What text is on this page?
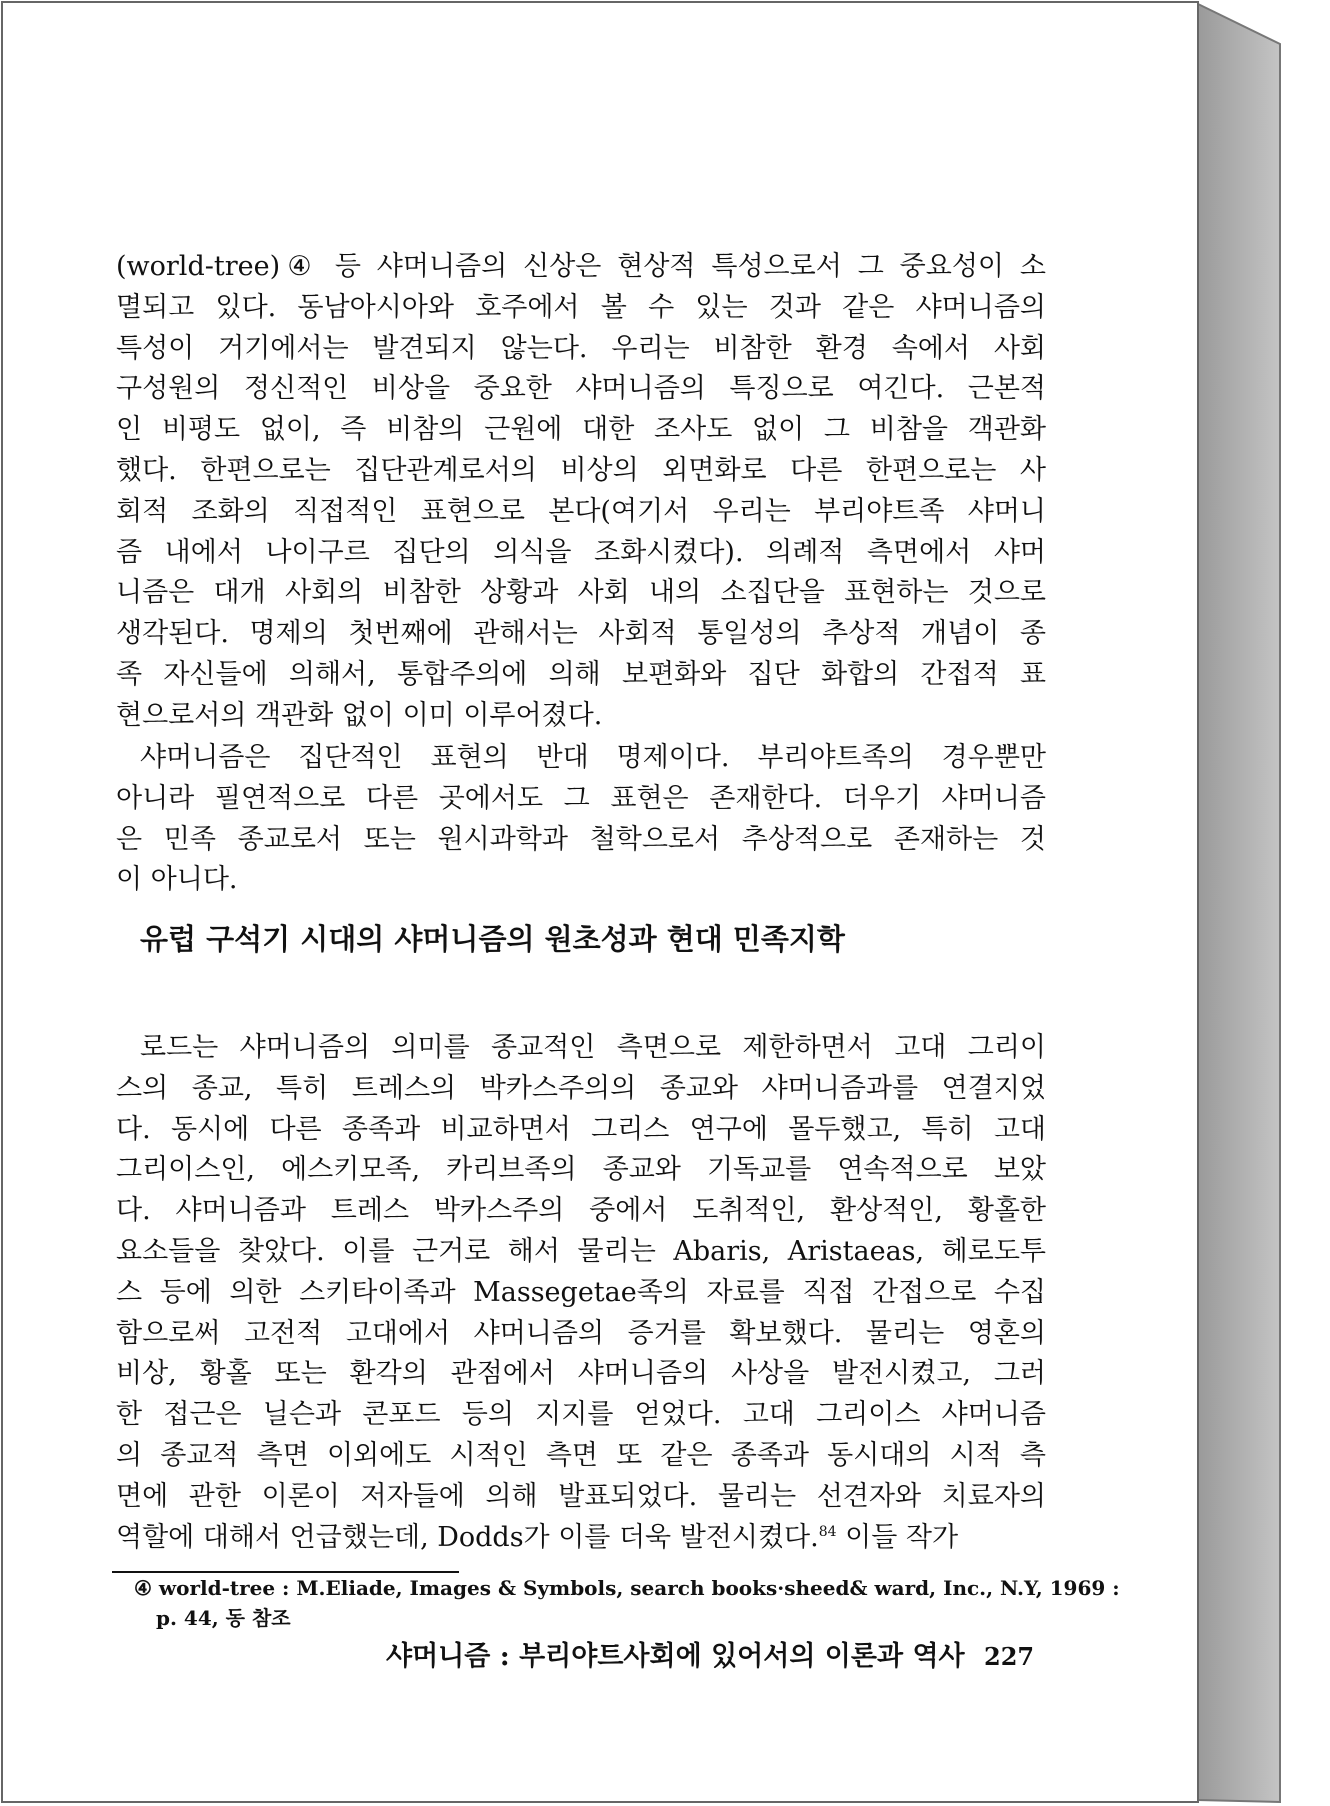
(world-tree)④ 등 샤머니즘의 신상은 현상적 특성으로서 그 중요성이 소
멸되고 있다. 동남아시아와 호주에서 볼 수 있는 것과 같은 샤머니즘의
특성이 거기에서는 발견되지 않는다. 우리는 비참한 환경 속에서 사회
구성원의 정신적인 비상을 중요한 샤머니즘의 특징으로 여긴다. 근본적
인 비평도 없이, 즉 비참의 근원에 대한 조사도 없이 그 비참을 객관화
했다. 한편으로는 집단관계로서의 비상의 외면화로 다른 한편으로는 사
회적 조화의 직접적인 표현으로 본다(여기서 우리는 부리야트족 샤머니
즘 내에서 나이구르 집단의 의식을 조화시켰다). 의례적 측면에서 샤머
니즘은 대개 사회의 비참한 상황과 사회 내의 소집단을 표현하는 것으로
생각된다. 명제의 첫번째에 관해서는 사회적 통일성의 추상적 개념이 종
족 자신들에 의해서, 통합주의에 의해 보편화와 집단 화합의 간접적 표
현으로서의 객관화 없이 이미 이루어졌다.
샤머니즘은 집단적인 표현의 반대 명제이다. 부리야트족의 경우뿐만
아니라 필연적으로 다른 곳에서도 그 표현은 존재한다. 더우기 샤머니즘
은 민족 종교로서 또는 원시과학과 철학으로서 추상적으로 존재하는 것
이 아니다.
유럽 구석기 시대의 샤머니즘의 원초성과 현대 민족지학
로드는 샤머니즘의 의미를 종교적인 측면으로 제한하면서 고대 그리이
스의 종교, 특히 트레스의 박카스주의의 종교와 샤머니즘과를 연결지었
다. 동시에 다른 종족과 비교하면서 그리스 연구에 몰두했고, 특히 고대
그리이스인, 에스키모족, 카리브족의 종교와 기독교를 연속적으로 보았
다. 샤머니즘과 트레스 박카스주의 중에서 도취적인, 환상적인, 황홀한
요소들을 찾았다. 이를 근거로 해서 물리는 Abaris, Aristaeas, 헤로도투
스 등에 의한 스키타이족과 Massegetae족의 자료를 직접 간접으로 수집
함으로써 고전적 고대에서 샤머니즘의 증거를 확보했다. 물리는 영혼의
비상, 황홀 또는 환각의 관점에서 샤머니즘의 사상을 발전시켰고, 그러
한 접근은 닐슨과 콘포드 등의 지지를 얻었다. 고대 그리이스 샤머니즘
의 종교적 측면 이외에도 시적인 측면 또 같은 종족과 동시대의 시적 측
면에 관한 이론이 저자들에 의해 발표되었다. 물리는 선견자와 치료자의
역할에 대해서 언급했는데, Dodds가 이를 더욱 발전시켰다.$^{84}$ 이들 작가
④ world-tree : M.Eliade, Images & Symbols, search books·sheed& ward, Inc., N.Y, 1969 :
p. 44, 동 참조
샤머니즘 : 부리야트사회에 있어서의 이론과 역사 227
